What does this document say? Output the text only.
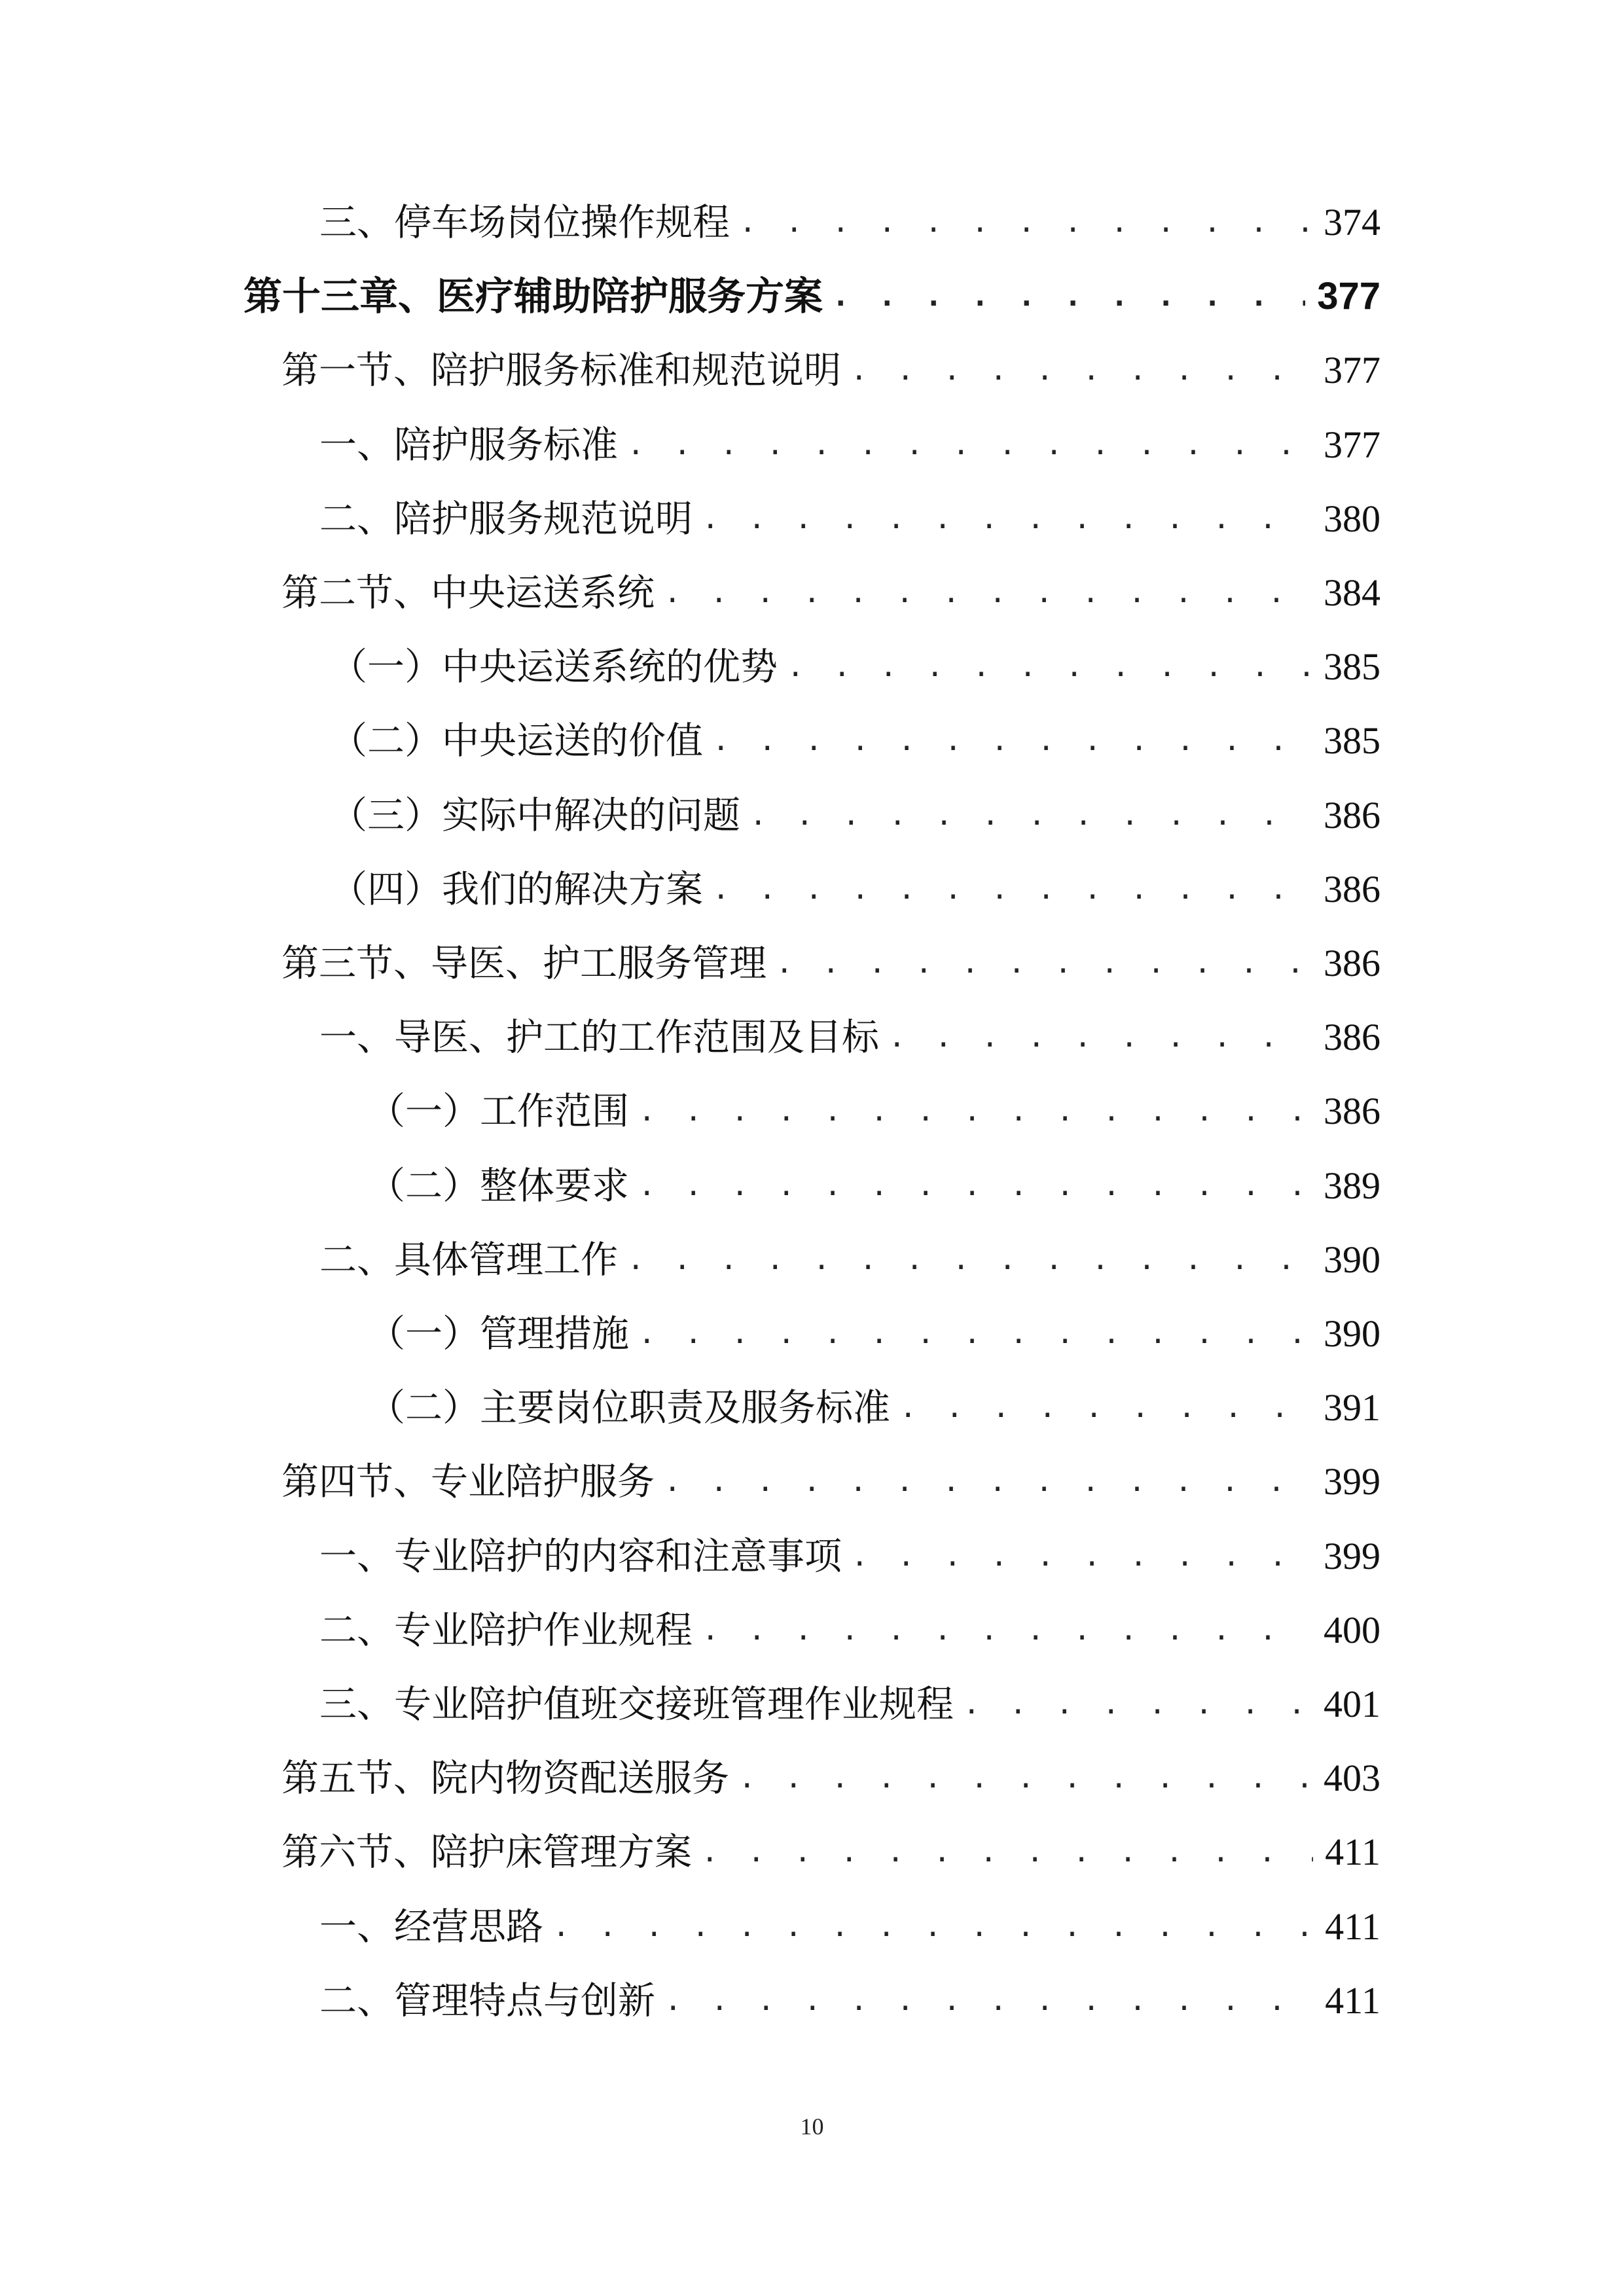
三、停车场岗位操作规程 . . .	374
第十三章、医疗辅助陪护服务方案 . . .	377
第一节、陪护服务标准和规范说明 . . .	377
一、陪护服务标准 . . .	377
二、陪护服务规范说明 . . .	380
第二节、中央运送系统 . . .	384
（一）中央运送系统的优势 . . .	385
（二）中央运送的价值 . . .	385
（三）实际中解决的问题 . . .	386
（四）我们的解决方案 . . .	386
第三节、导医、护工服务管理 . . .	386
一、导医、护工的工作范围及目标 . . .	386
（一）工作范围 . . .	386
（二）整体要求 . . .	389
二、具体管理工作 . . .	390
（一）管理措施 . . .	390
（二）主要岗位职责及服务标准 . . .	391
第四节、专业陪护服务 . . .	399
一、专业陪护的内容和注意事项 . . .	399
二、专业陪护作业规程 . . .	400
三、专业陪护值班交接班管理作业规程 . . .	401
第五节、院内物资配送服务 . . .	403
第六节、陪护床管理方案 . . .	411
一、经营思路 . . .	411
二、管理特点与创新 . . .	411
10
